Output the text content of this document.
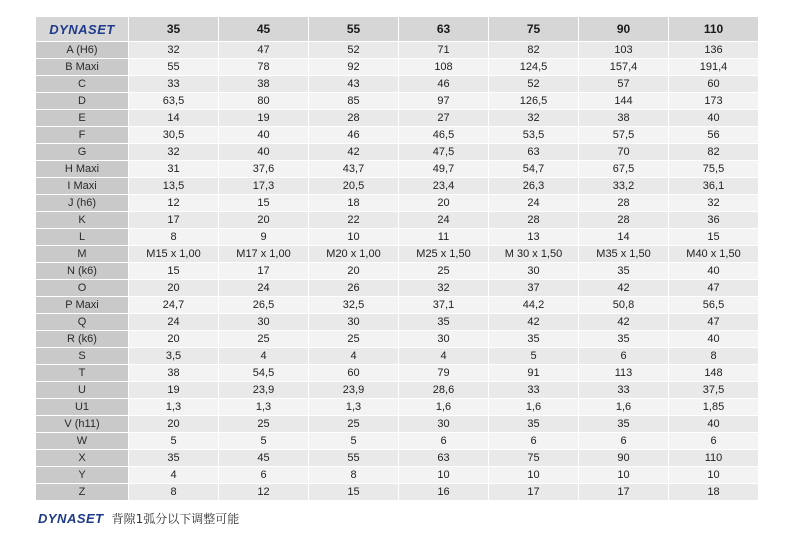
DYNASET	35	45	55	63	75	90	110
A (H6)	32	47	52	71	82	103	136
B Maxi	55	78	92	108	124,5	157,4	191,4
C	33	38	43	46	52	57	60
D	63,5	80	85	97	126,5	144	173
E	14	19	28	27	32	38	40
F	30,5	40	46	46,5	53,5	57,5	56
G	32	40	42	47,5	63	70	82
H Maxi	31	37,6	43,7	49,7	54,7	67,5	75,5
I Maxi	13,5	17,3	20,5	23,4	26,3	33,2	36,1
J (h6)	12	15	18	20	24	28	32
K	17	20	22	24	28	28	36
L	8	9	10	11	13	14	15
M	M15 x 1,00	M17 x 1,00	M20 x 1,00	M25 x 1,50	M 30 x 1,50	M35 x 1,50	M40 x 1,50
N (k6)	15	17	20	25	30	35	40
O	20	24	26	32	37	42	47
P Maxi	24,7	26,5	32,5	37,1	44,2	50,8	56,5
Q	24	30	30	35	42	42	47
R (k6)	20	25	25	30	35	35	40
S	3,5	4	4	4	5	6	8
T	38	54,5	60	79	91	113	148
U	19	23,9	23,9	28,6	33	33	37,5
U1	1,3	1,3	1,3	1,6	1,6	1,6	1,85
V (h11)	20	25	25	30	35	35	40
W	5	5	5	6	6	6	6
X	35	45	55	63	75	90	110
Y	4	6	8	10	10	10	10
Z	8	12	15	16	17	17	18
DYNASET 背隙1弧分以下调整可能
